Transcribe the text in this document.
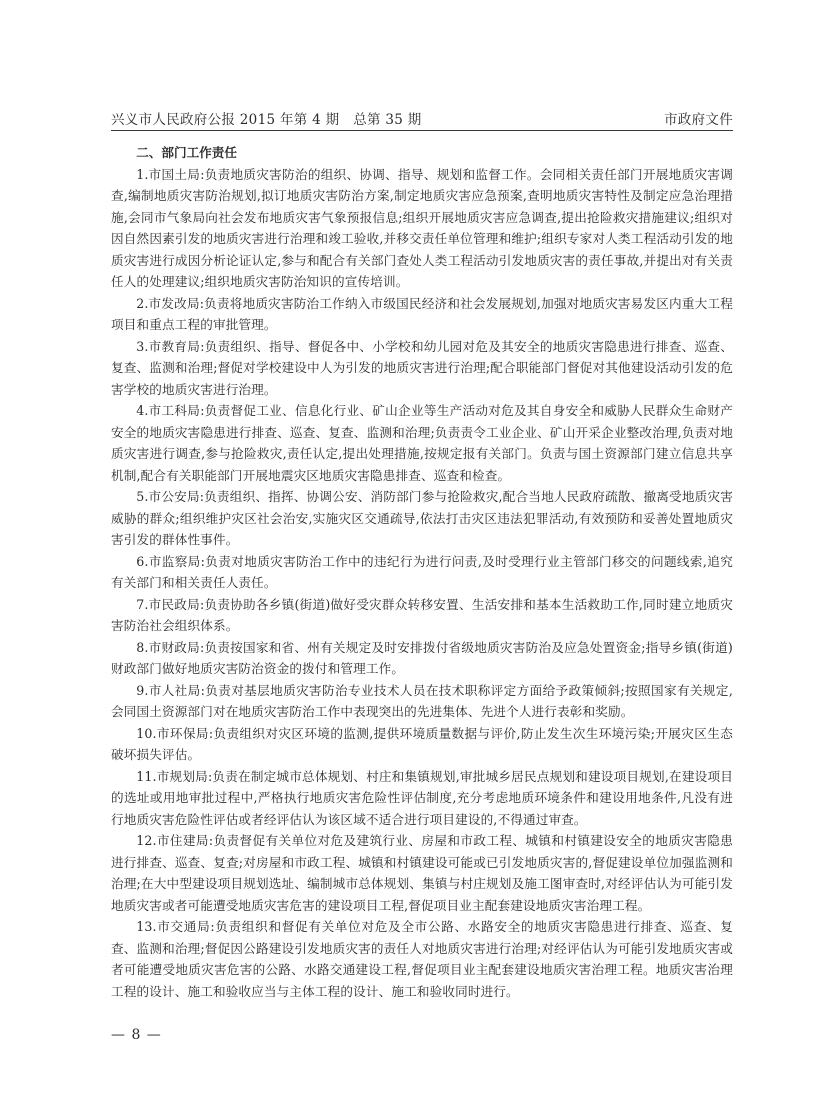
兴义市人民政府公报 2015 年第 4 期　总第 35 期	市政府文件

二、部门工作责任

1.市国土局:负责地质灾害防治的组织、协调、指导、规划和监督工作。会同相关责任部门开展地质灾害调查,编制地质灾害防治规划,拟订地质灾害防治方案,制定地质灾害应急预案,查明地质灾害特性及制定应急治理措施,会同市气象局向社会发布地质灾害气象预报信息;组织开展地质灾害应急调查,提出抢险救灾措施建议;组织对因自然因素引发的地质灾害进行治理和竣工验收,并移交责任单位管理和维护;组织专家对人类工程活动引发的地质灾害进行成因分析论证认定,参与和配合有关部门查处人类工程活动引发地质灾害的责任事故,并提出对有关责任人的处理建议;组织地质灾害防治知识的宣传培训。

2.市发改局:负责将地质灾害防治工作纳入市级国民经济和社会发展规划,加强对地质灾害易发区内重大工程项目和重点工程的审批管理。

3.市教育局:负责组织、指导、督促各中、小学校和幼儿园对危及其安全的地质灾害隐患进行排查、巡查、复查、监测和治理;督促对学校建设中人为引发的地质灾害进行治理;配合职能部门督促对其他建设活动引发的危害学校的地质灾害进行治理。

4.市工科局:负责督促工业、信息化行业、矿山企业等生产活动对危及其自身安全和威胁人民群众生命财产安全的地质灾害隐患进行排查、巡查、复查、监测和治理;负责责令工业企业、矿山开采企业整改治理,负责对地质灾害进行调查,参与抢险救灾,责任认定,提出处理措施,按规定报有关部门。负责与国土资源部门建立信息共享机制,配合有关职能部门开展地震灾区地质灾害隐患排查、巡查和检查。

5.市公安局:负责组织、指挥、协调公安、消防部门参与抢险救灾,配合当地人民政府疏散、撤离受地质灾害威胁的群众;组织维护灾区社会治安,实施灾区交通疏导,依法打击灾区违法犯罪活动,有效预防和妥善处置地质灾害引发的群体性事件。

6.市监察局:负责对地质灾害防治工作中的违纪行为进行问责,及时受理行业主管部门移交的问题线索,追究有关部门和相关责任人责任。

7.市民政局:负责协助各乡镇(街道)做好受灾群众转移安置、生活安排和基本生活救助工作,同时建立地质灾害防治社会组织体系。

8.市财政局:负责按国家和省、州有关规定及时安排拨付省级地质灾害防治及应急处置资金;指导乡镇(街道)财政部门做好地质灾害防治资金的拨付和管理工作。

9.市人社局:负责对基层地质灾害防治专业技术人员在技术职称评定方面给予政策倾斜;按照国家有关规定,会同国土资源部门对在地质灾害防治工作中表现突出的先进集体、先进个人进行表彰和奖励。

10.市环保局:负责组织对灾区环境的监测,提供环境质量数据与评价,防止发生次生环境污染;开展灾区生态破坏损失评估。

11.市规划局:负责在制定城市总体规划、村庄和集镇规划,审批城乡居民点规划和建设项目规划,在建设项目的选址或用地审批过程中,严格执行地质灾害危险性评估制度,充分考虑地质环境条件和建设用地条件,凡没有进行地质灾害危险性评估或者经评估认为该区域不适合进行项目建设的,不得通过审查。

12.市住建局:负责督促有关单位对危及建筑行业、房屋和市政工程、城镇和村镇建设安全的地质灾害隐患进行排查、巡查、复查;对房屋和市政工程、城镇和村镇建设可能或已引发地质灾害的,督促建设单位加强监测和治理;在大中型建设项目规划选址、编制城市总体规划、集镇与村庄规划及施工图审查时,对经评估认为可能引发地质灾害或者可能遭受地质灾害危害的建设项目工程,督促项目业主配套建设地质灾害治理工程。

13.市交通局:负责组织和督促有关单位对危及全市公路、水路安全的地质灾害隐患进行排查、巡查、复查、监测和治理;督促因公路建设引发地质灾害的责任人对地质灾害进行治理;对经评估认为可能引发地质灾害或者可能遭受地质灾害危害的公路、水路交通建设工程,督促项目业主配套建设地质灾害治理工程。地质灾害治理工程的设计、施工和验收应当与主体工程的设计、施工和验收同时进行。

— 8 —
